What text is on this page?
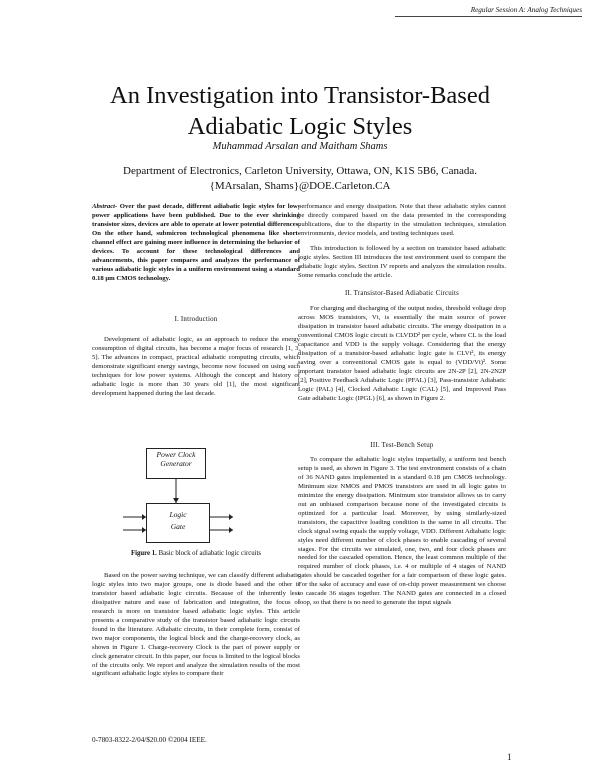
Regular Session A: Analog Techniques
An Investigation into Transistor-Based
Adiabatic Logic Styles
Muhammad Arsalan and Maitham Shams
Department of Electronics, Carleton University, Ottawa, ON, K1S 5B6, Canada.
{MArsalan, Shams}@DOE.Carleton.CA

Abstract- Over the past decade, different adiabatic logic styles for low-power applications have been published. Due to the ever shrinking transistor sizes, devices are able to operate at lower potential differences. On the other hand, submicron technological phenomena like short-channel effect are gaining more influence in determining the behavior of devices. To account for these technological differences and advancements, this paper compares and analyzes the performance of various adiabatic logic styles in a uniform environment using a standard 0.18 μm CMOS technology.

I. Introduction

Development of adiabatic logic, as an approach to reduce the energy consumption of digital circuits, has become a major focus of research [1, 3, 5]. The advances in compact, practical adiabatic computing circuits, which demonstrate significant energy savings, become now focused on using such techniques for low power systems. Although the concept and history of adiabatic logic is more than 30 years old [1], the most significant development happened during the last decade.

Power Clock Generator
Logic
Gate
Figure 1. Basic block of adiabatic logic circuits

Based on the power saving technique, we can classify different adiabatic logic styles into two major groups, one is diode based and the other is transistor based adiabatic logic circuits. Because of the inherently less dissipative nature and ease of fabrication and integration, the focus of research is more on transistor based adiabatic logic styles. This article presents a comparative study of the transistor based adiabatic logic circuits found in the literature. Adiabatic circuits, in their complete form, consist of two major components, the logical block and the charge-recovery clock, as shown in Figure 1. Charge-recovery Clock is the part of power supply or clock generator circuit. In this paper, our focus is limited to the logical blocks of the circuits only. We report and analyze the simulation results of the most significant adiabatic logic styles to compare their

performance and energy dissipation. Note that these adiabatic styles cannot be directly compared based on the data presented in the corresponding publications, due to the disparity in the simulation techniques, simulation environments, device models, and testing techniques used.

This introduction is followed by a section on transistor based adiabatic logic styles. Section III introduces the test environment used to compare the adiabatic logic styles. Section IV reports and analyzes the simulation results. Some remarks conclude the article.

II. Transistor-Based Adiabatic Circuits

For charging and discharging of the output nodes, threshold voltage drop across MOS transistors, Vt, is essentially the main source of power dissipation in transistor based adiabatic circuits. The energy dissipation in a conventional CMOS logic circuit is CLVDD² per cycle, where CL is the load capacitance and VDD is the supply voltage. Considering that the energy dissipation of a transistor-based adiabatic logic gate is CLVt², its energy saving over a conventional CMOS gate is equal to (VDD/Vt)². Some important transistor based adiabatic logic circuits are 2N-2P [2], 2N-2N2P [2], Positive Feedback Adiabatic Logic (PFAL) [3], Pass-transistor Adiabatic Logic (PAL) [4], Clocked Adiabatic Logic (CAL) [5], and Improved Pass Gate adiabatic Logic (IPGL) [6], as shown in Figure 2.

III. Test-Bench Setup

To compare the adiabatic logic styles impartially, a uniform test bench setup is used, as shown in Figure 3. The test environment consists of a chain of 36 NAND gates implemented in a standard 0.18 μm CMOS technology. Minimum size NMOS and PMOS transistors are used in all logic gates to minimize the energy dissipation. Minimum size transistor allows us to carry out an unbiased comparison because none of the investigated circuits is optimized for a particular load. Moreover, by using similarly-sized transistors, the capacitive loading condition is the same in all circuits. The clock signal swing equals the supply voltage, VDD. Different Adiabatic logic styles need different number of clock phases to enable cascading of several stages. For the circuits we simulated, one, two, and four clock phases are needed for the cascaded operation. Hence, the least common multiple of the required number of clock phases, i.e. 4 or multiple of 4 stages of NAND gates should be cascaded together for a fair comparison of these logic gates. For the sake of accuracy and ease of on-chip power measurement we choose to cascade 36 stages together. The NAND gates are connected in a closed loop, so that there is no need to generate the input signals

0-7803-8322-2/04/$20.00 ©2004 IEEE.
1
